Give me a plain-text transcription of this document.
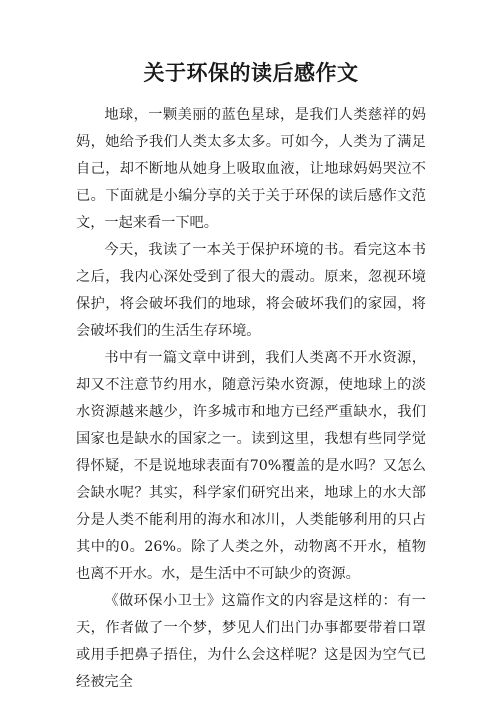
关于环保的读后感作文

地球，一颗美丽的蓝色星球，是我们人类慈祥的妈妈，她给予我们人类太多太多。可如今，人类为了满足自己，却不断地从她身上吸取血液，让地球妈妈哭泣不已。下面就是小编分享的关于关于环保的读后感作文范文，一起来看一下吧。

今天，我读了一本关于保护环境的书。看完这本书之后，我内心深处受到了很大的震动。原来，忽视环境保护，将会破坏我们的地球，将会破坏我们的家园，将会破坏我们的生活生存环境。

书中有一篇文章中讲到，我们人类离不开水资源，却又不注意节约用水，随意污染水资源，使地球上的淡水资源越来越少，许多城市和地方已经严重缺水，我们国家也是缺水的国家之一。读到这里，我想有些同学觉得怀疑，不是说地球表面有70%覆盖的是水吗？又怎么会缺水呢？其实，科学家们研究出来，地球上的水大部分是人类不能利用的海水和冰川，人类能够利用的只占其中的0。26%。除了人类之外，动物离不开水，植物也离不开水。水，是生活中不可缺少的资源。

《做环保小卫士》这篇作文的内容是这样的：有一天，作者做了一个梦，梦见人们出门办事都要带着口罩或用手把鼻子捂住，为什么会这样呢？这是因为空气已经被完全
